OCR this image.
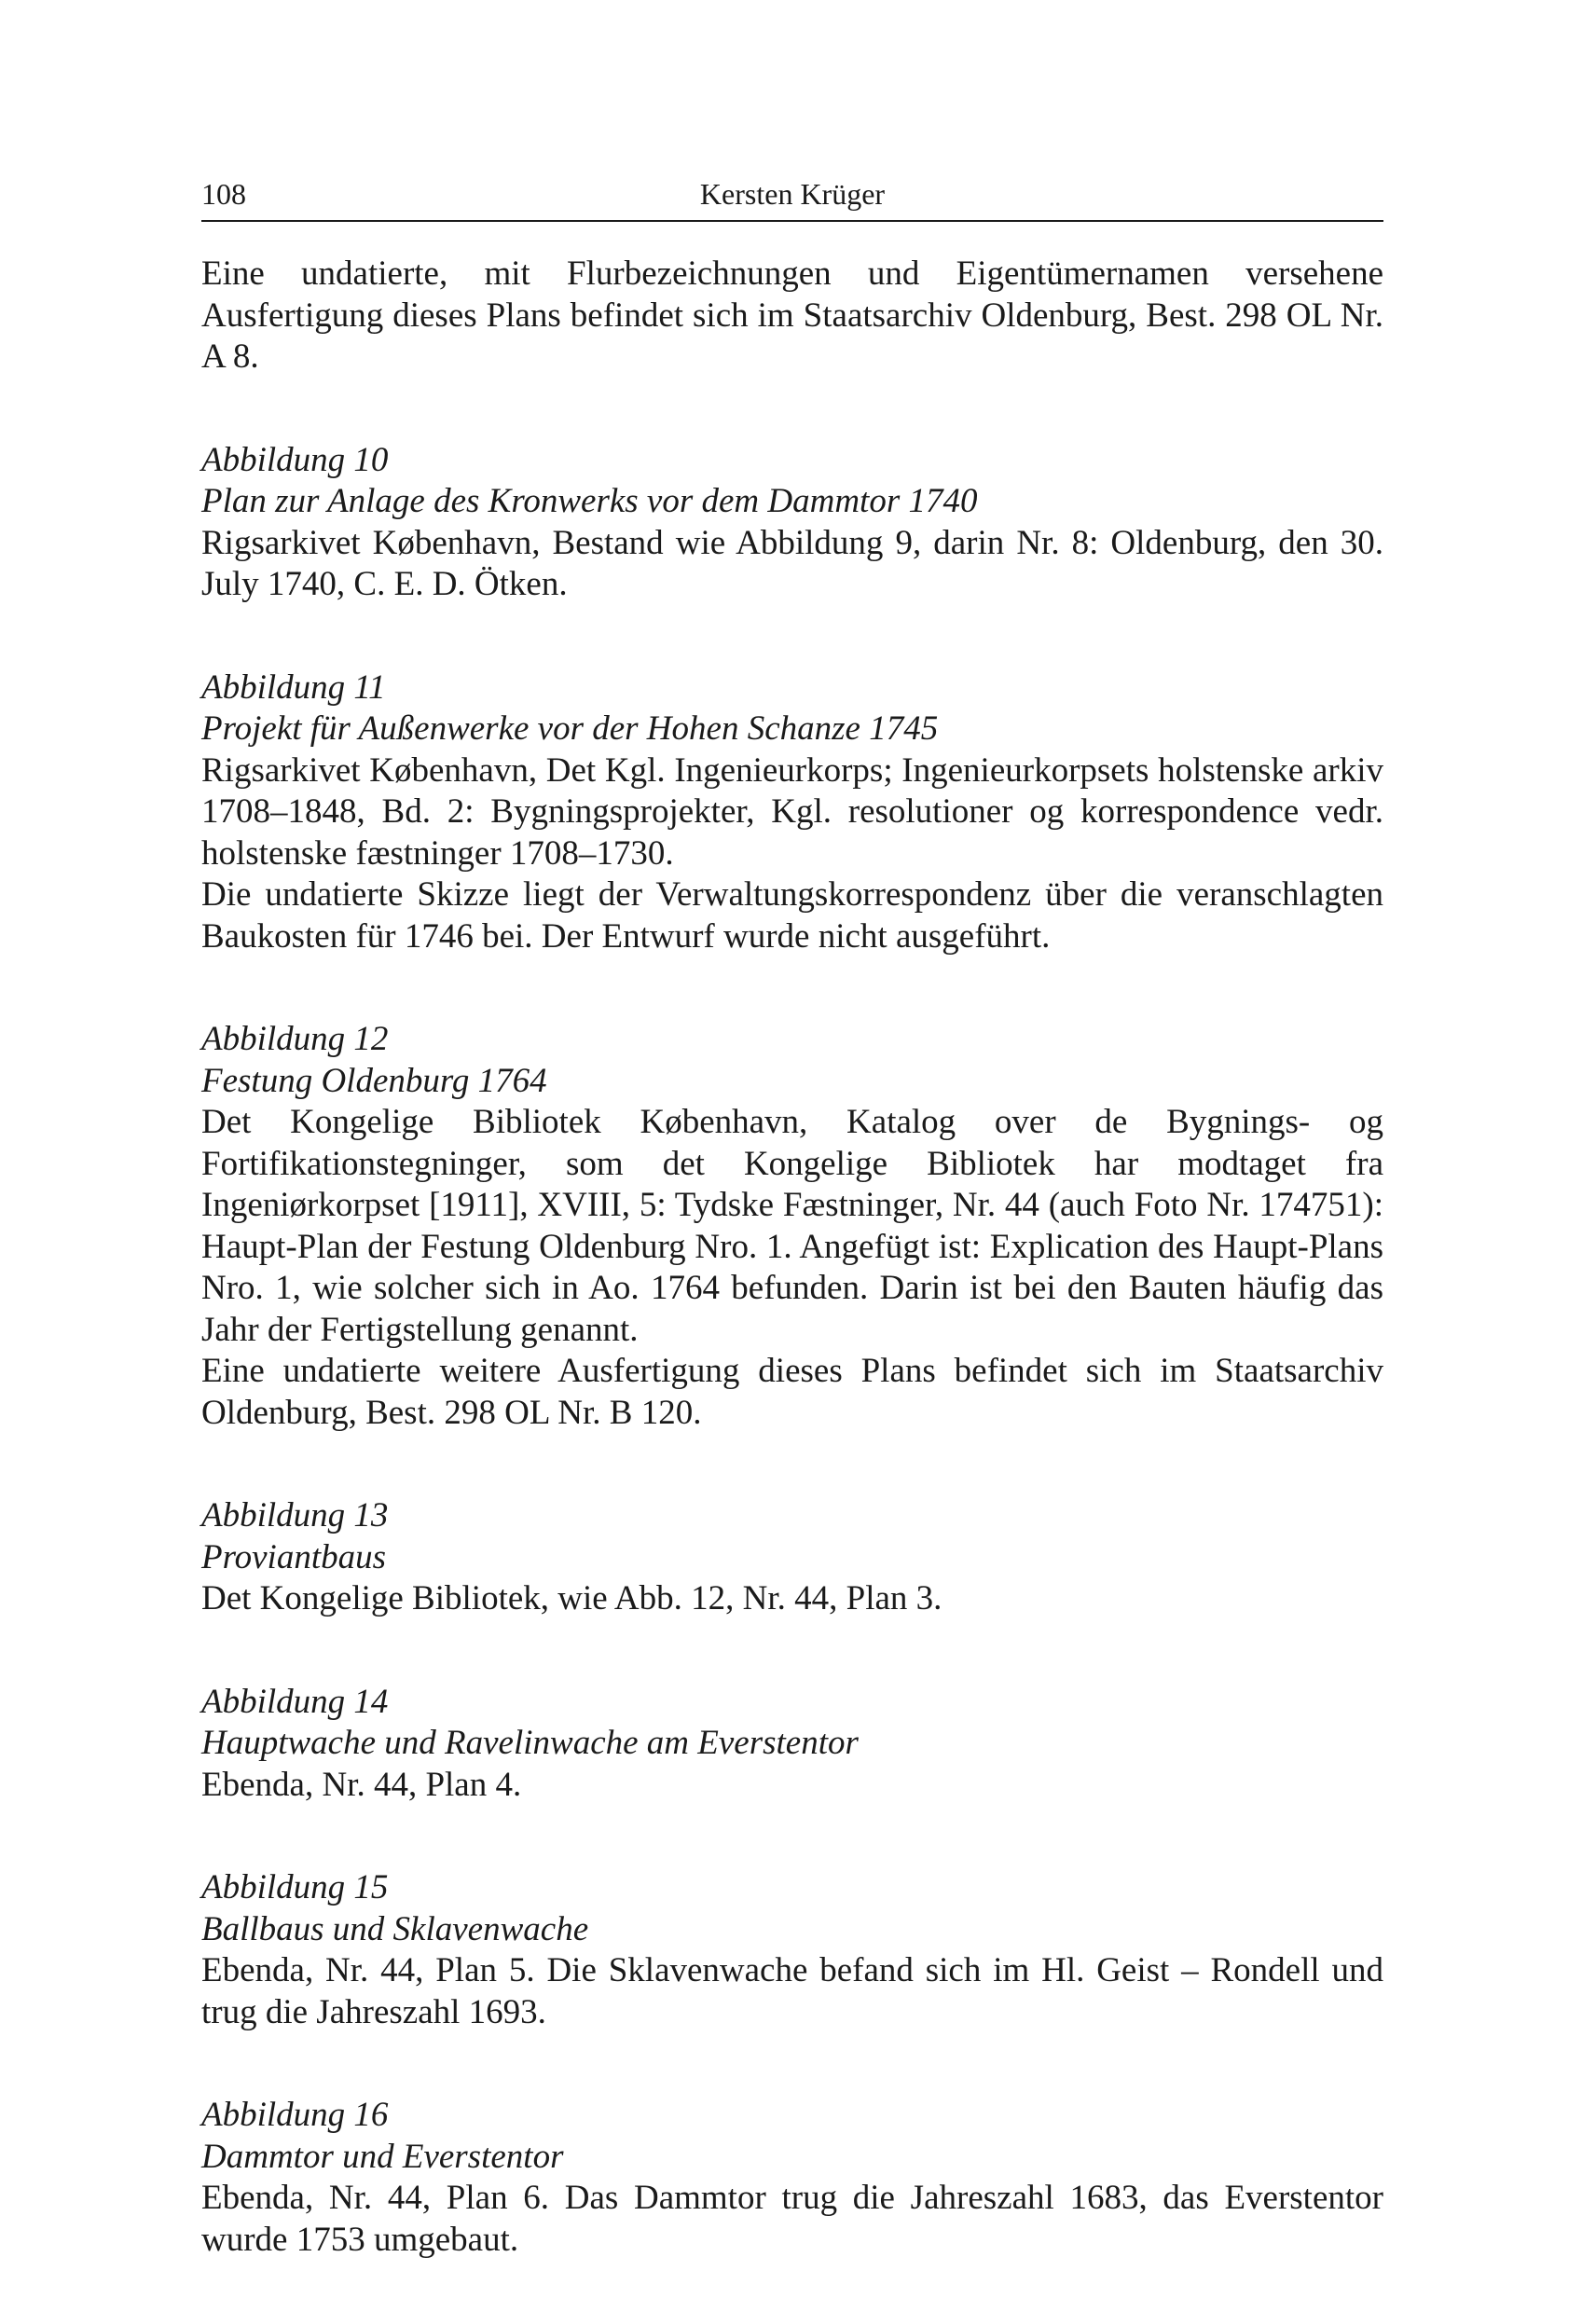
108	Kersten Krüger

Eine undatierte, mit Flurbezeichnungen und Eigentümernamen versehene Ausfertigung dieses Plans befindet sich im Staatsarchiv Oldenburg, Best. 298 OL Nr. A 8.

Abbildung 10
Plan zur Anlage des Kronwerks vor dem Dammtor 1740

Rigsarkivet København, Bestand wie Abbildung 9, darin Nr. 8: Oldenburg, den 30. July 1740, C. E. D. Ötken.

Abbildung 11
Projekt für Außenwerke vor der Hohen Schanze 1745

Rigsarkivet København, Det Kgl. Ingenieurkorps; Ingenieurkorpsets holstenske arkiv 1708–1848, Bd. 2: Bygningsprojekter, Kgl. resolutioner og korrespondence vedr. holstenske fæstninger 1708–1730.

Die undatierte Skizze liegt der Verwaltungskorrespondenz über die veranschlagten Baukosten für 1746 bei. Der Entwurf wurde nicht ausgeführt.

Abbildung 12
Festung Oldenburg 1764

Det Kongelige Bibliotek København, Katalog over de Bygnings- og Fortifikationstegninger, som det Kongelige Bibliotek har modtaget fra Ingeniørkorpset [1911], XVIII, 5: Tydske Fæstninger, Nr. 44 (auch Foto Nr. 174751): Haupt-Plan der Festung Oldenburg Nro. 1. Angefügt ist: Explication des Haupt-Plans Nro. 1, wie solcher sich in Ao. 1764 befunden. Darin ist bei den Bauten häufig das Jahr der Fertigstellung genannt.

Eine undatierte weitere Ausfertigung dieses Plans befindet sich im Staatsarchiv Oldenburg, Best. 298 OL Nr. B 120.

Abbildung 13
Proviantbaus

Det Kongelige Bibliotek, wie Abb. 12, Nr. 44, Plan 3.

Abbildung 14
Hauptwache und Ravelinwache am Everstentor

Ebenda, Nr. 44, Plan 4.

Abbildung 15
Ballbaus und Sklavenwache

Ebenda, Nr. 44, Plan 5. Die Sklavenwache befand sich im Hl. Geist – Rondell und trug die Jahreszahl 1693.

Abbildung 16
Dammtor und Everstentor

Ebenda, Nr. 44, Plan 6. Das Dammtor trug die Jahreszahl 1683, das Everstentor wurde 1753 umgebaut.
